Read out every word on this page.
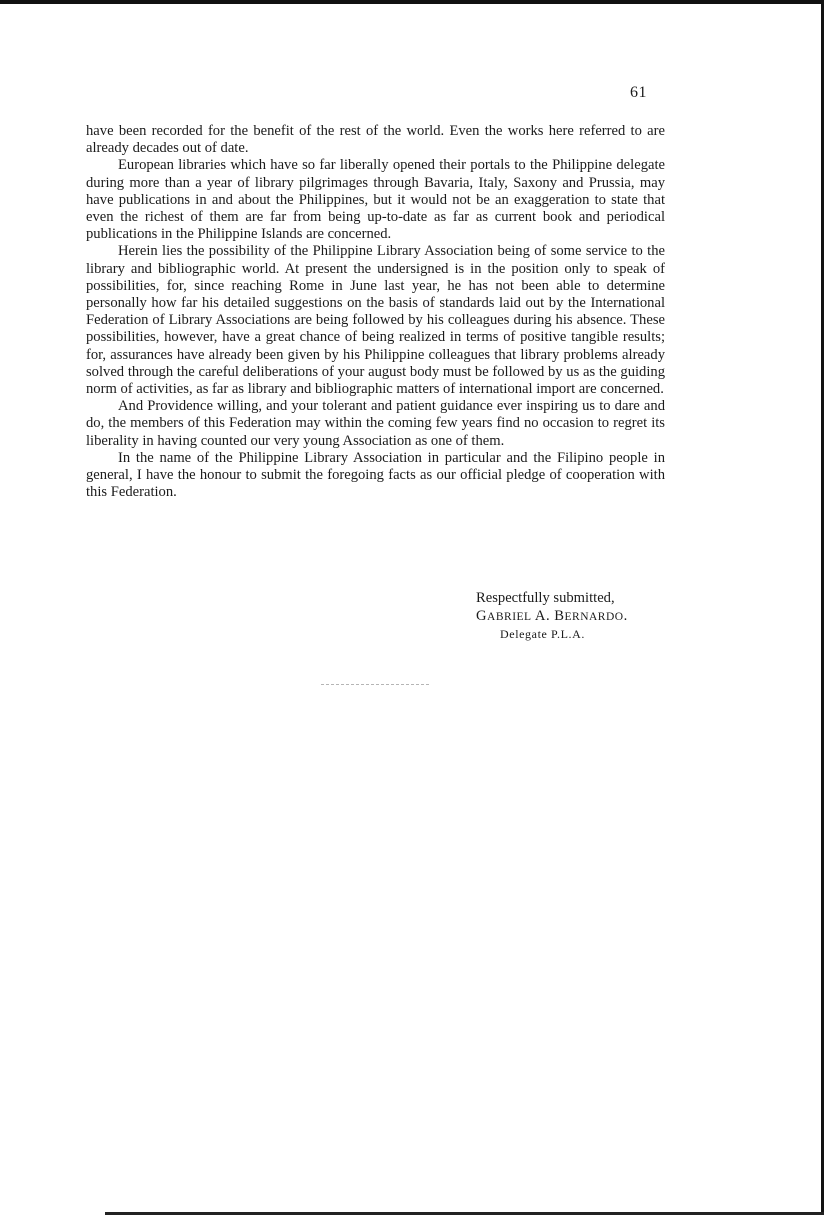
61

have been recorded for the benefit of the rest of the world. Even the works here referred to are already decades out of date.

European libraries which have so far liberally opened their portals to the Philippine delegate during more than a year of library pilgrimages through Bavaria, Italy, Saxony and Prussia, may have publications in and about the Philippines, but it would not be an exaggeration to state that even the richest of them are far from being up-to-date as far as current book and periodical publications in the Philippine Islands are concerned.

Herein lies the possibility of the Philippine Library Association being of some service to the library and bibliographic world. At present the undersigned is in the position only to speak of possibilities, for, since reaching Rome in June last year, he has not been able to determine personally how far his detailed suggestions on the basis of standards laid out by the International Federation of Library Associations are being followed by his colleagues during his absence. These possibilities, however, have a great chance of being realized in terms of positive tangible results; for, assurances have already been given by his Philippine colleagues that library problems already solved through the careful deliberations of your august body must be followed by us as the guiding norm of activities, as far as library and bibliographic matters of international import are concerned.

And Providence willing, and your tolerant and patient guidance ever inspiring us to dare and do, the members of this Federation may within the coming few years find no occasion to regret its liberality in having counted our very young Association as one of them.

In the name of the Philippine Library Association in particular and the Filipino people in general, I have the honour to submit the foregoing facts as our official pledge of cooperation with this Federation.

Respectfully submitted,
GABRIEL A. BERNARDO.
Delegate P.L.A.
